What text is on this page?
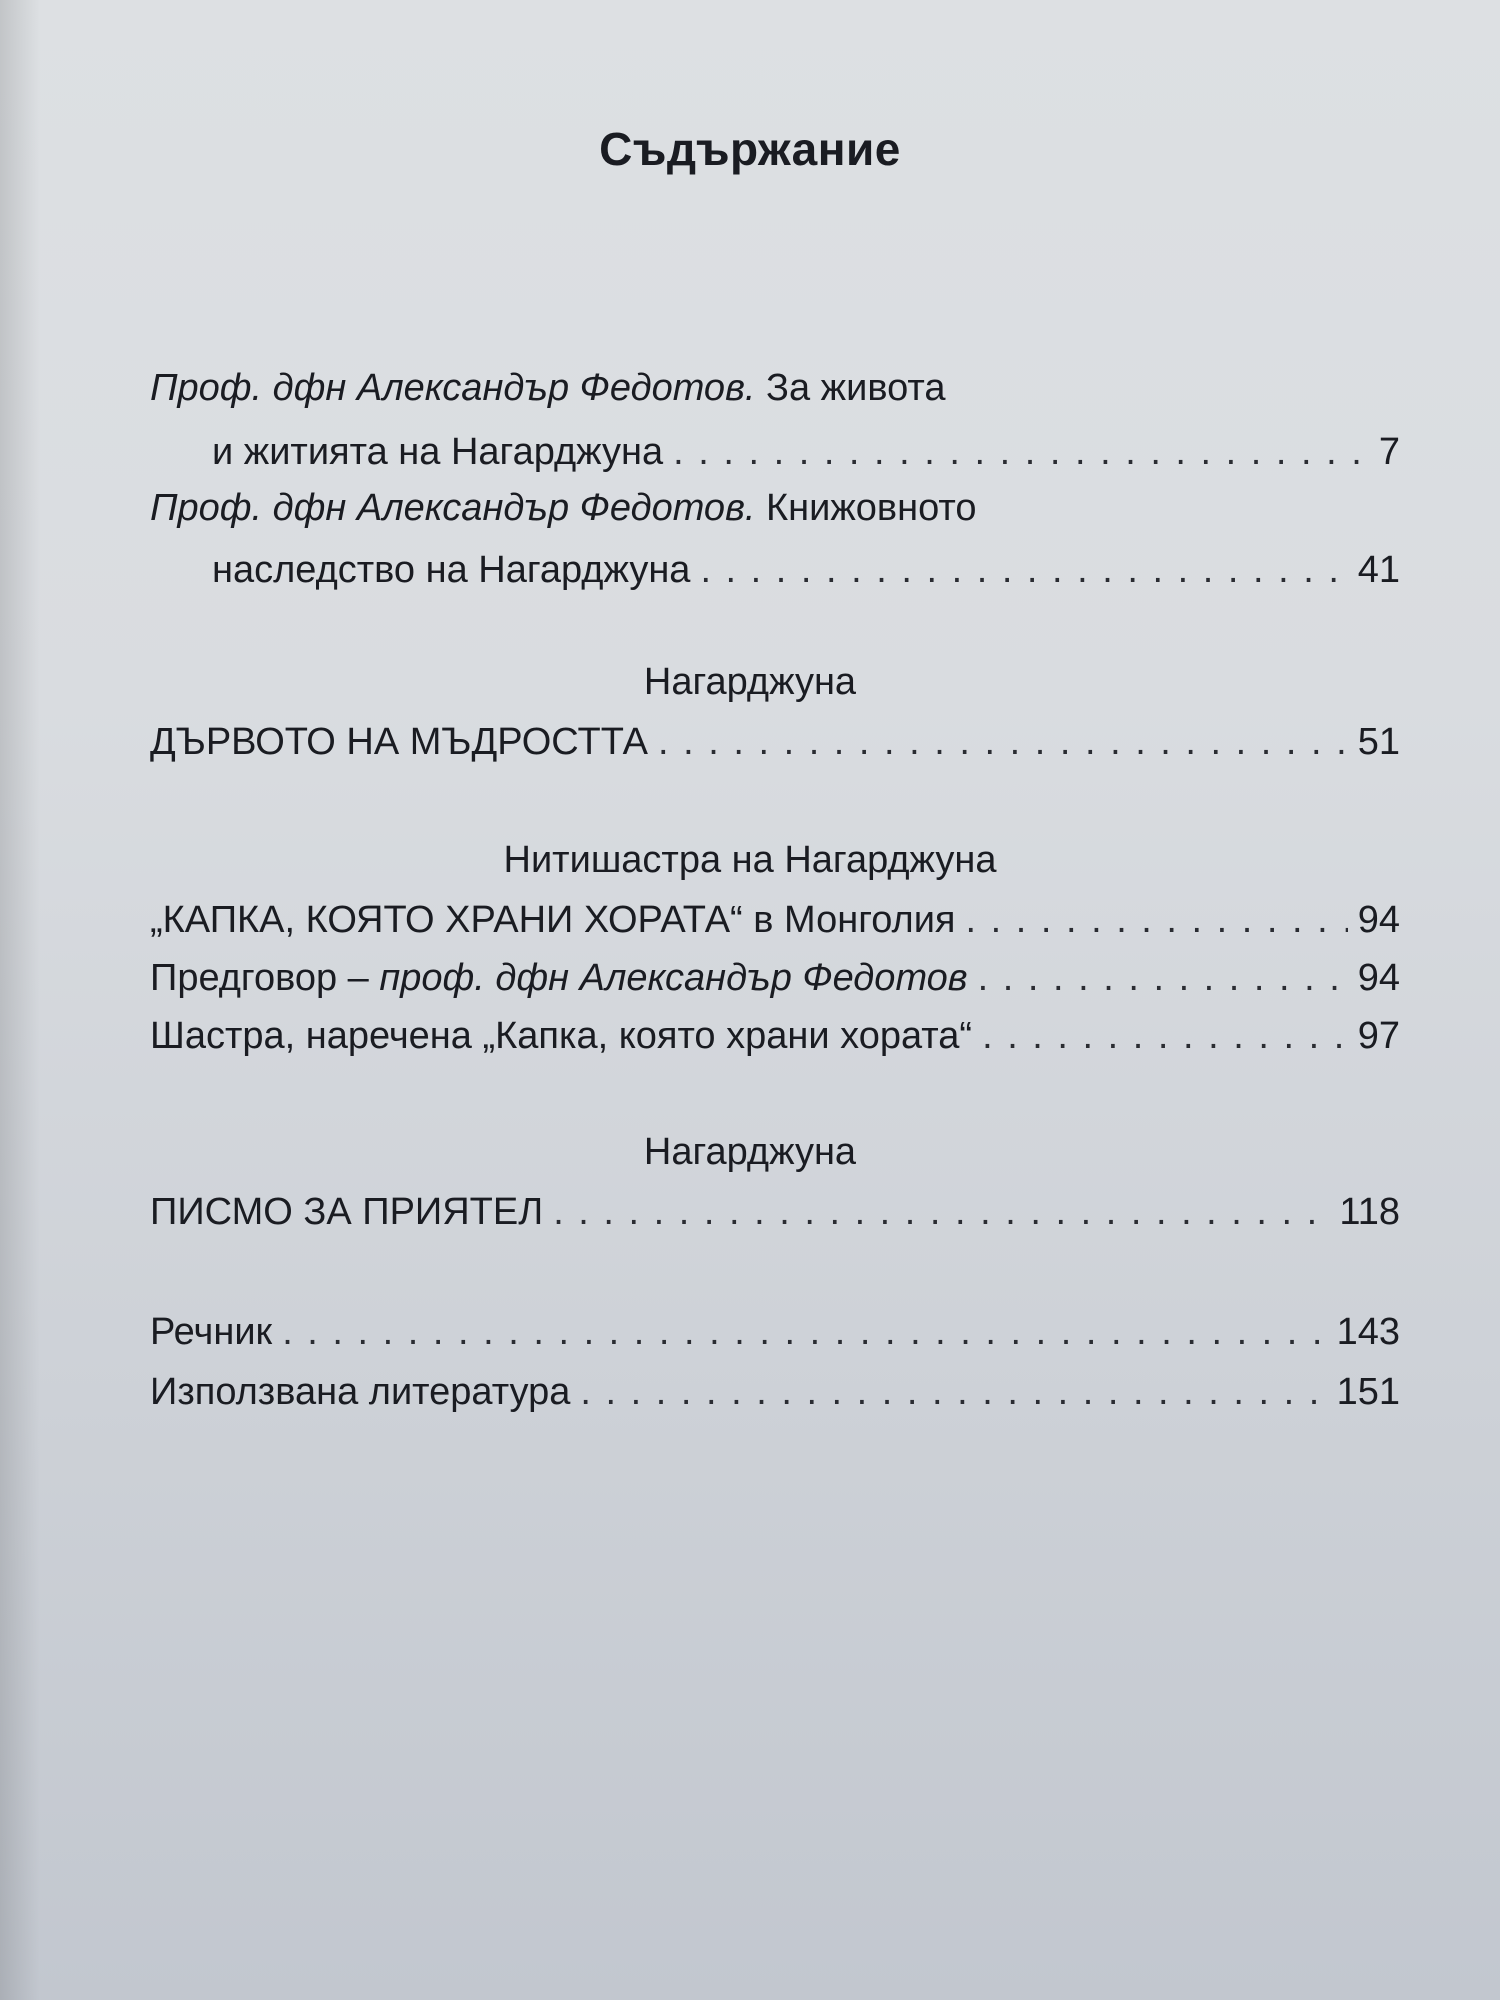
Съдържание
Проф. дфн Александър Федотов. За живота
и житията на Нагарджуна . . .	7
Проф. дфн Александър Федотов. Книжовното
наследство на Нагарджуна . . .	41
Нагарджуна
ДЪРВОТО НА МЪДРОСТТА . . .	51
Нитишастра на Нагарджуна
„КАПКА, КОЯТО ХРАНИ ХОРАТА“ в Монголия . . .	94
Предговор – проф. дфн Александър Федотов . . .	94
Шастра, наречена „Капка, която храни хората“ . . .	97
Нагарджуна
ПИСМО ЗА ПРИЯТЕЛ . . .	118
Речник . . .	143
Използвана литература . . .	151
